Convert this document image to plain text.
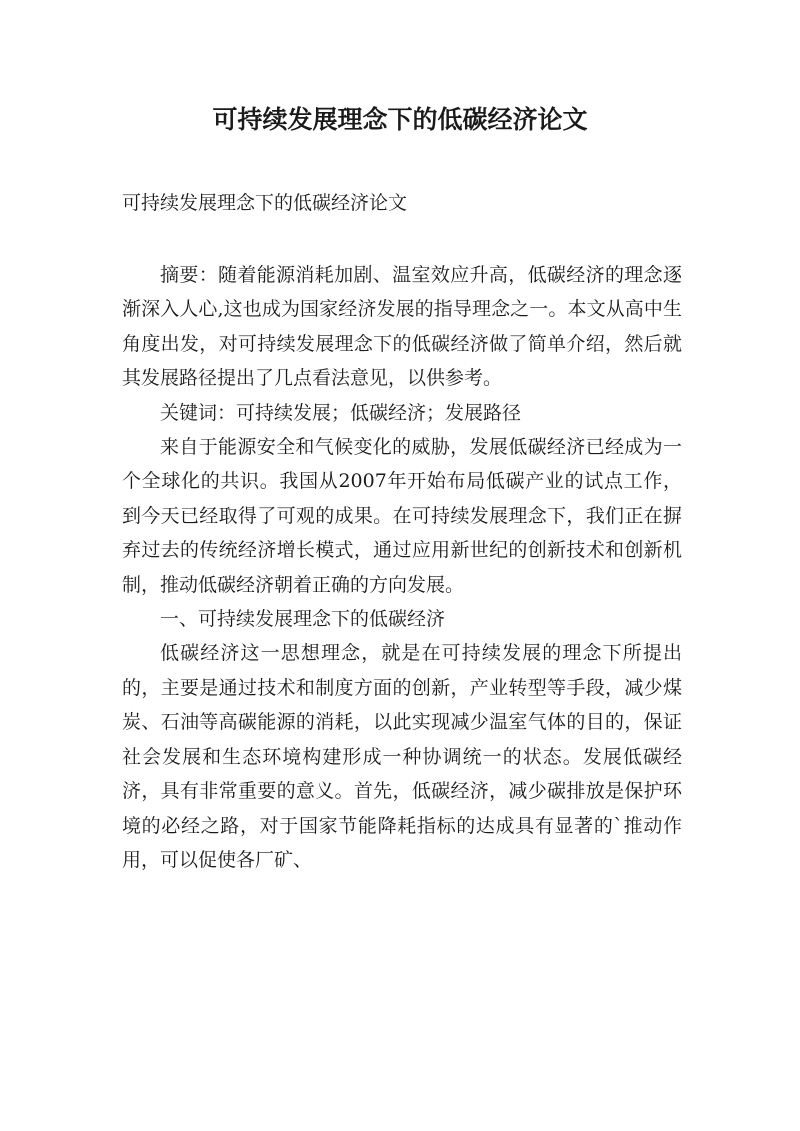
可持续发展理念下的低碳经济论文

可持续发展理念下的低碳经济论文

摘要：随着能源消耗加剧、温室效应升高，低碳经济的理念逐渐深入人心,这也成为国家经济发展的指导理念之一。本文从高中生角度出发，对可持续发展理念下的低碳经济做了简单介绍，然后就其发展路径提出了几点看法意见，以供参考。

关键词：可持续发展；低碳经济；发展路径

来自于能源安全和气候变化的威胁，发展低碳经济已经成为一个全球化的共识。我国从2007年开始布局低碳产业的试点工作，到今天已经取得了可观的成果。在可持续发展理念下，我们正在摒弃过去的传统经济增长模式，通过应用新世纪的创新技术和创新机制，推动低碳经济朝着正确的方向发展。

一、可持续发展理念下的低碳经济

低碳经济这一思想理念，就是在可持续发展的理念下所提出的，主要是通过技术和制度方面的创新，产业转型等手段，减少煤炭、石油等高碳能源的消耗，以此实现减少温室气体的目的，保证社会发展和生态环境构建形成一种协调统一的状态。发展低碳经济，具有非常重要的意义。首先，低碳经济，减少碳排放是保护环境的必经之路，对于国家节能降耗指标的达成具有显著的`推动作用，可以促使各厂矿、
